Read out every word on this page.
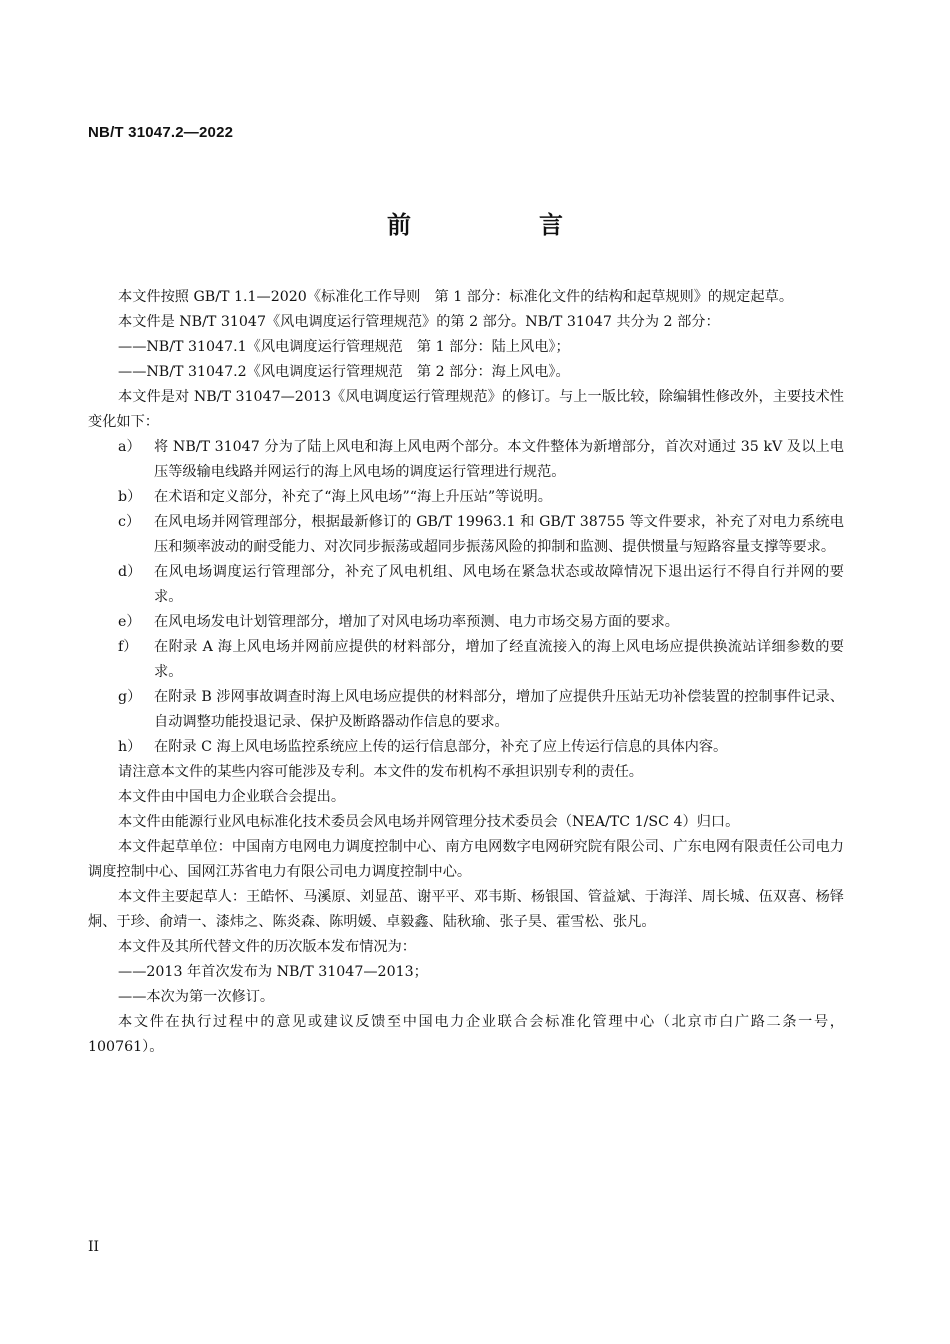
NB/T 31047.2—2022
前　言

本文件按照 GB/T 1.1—2020《标准化工作导则　第 1 部分：标准化文件的结构和起草规则》的规定起草。

本文件是 NB/T 31047《风电调度运行管理规范》的第 2 部分。NB/T 31047 共分为 2 部分：

——NB/T 31047.1《风电调度运行管理规范　第 1 部分：陆上风电》；

——NB/T 31047.2《风电调度运行管理规范　第 2 部分：海上风电》。

本文件是对 NB/T 31047—2013《风电调度运行管理规范》的修订。与上一版比较，除编辑性修改外，主要技术性变化如下：

a） 将 NB/T 31047 分为了陆上风电和海上风电两个部分。本文件整体为新增部分，首次对通过 35 kV 及以上电压等级输电线路并网运行的海上风电场的调度运行管理进行规范。
b） 在术语和定义部分，补充了“海上风电场”“海上升压站”等说明。
c） 在风电场并网管理部分，根据最新修订的 GB/T 19963.1 和 GB/T 38755 等文件要求，补充了对电力系统电压和频率波动的耐受能力、对次同步振荡或超同步振荡风险的抑制和监测、提供惯量与短路容量支撑等要求。
d） 在风电场调度运行管理部分，补充了风电机组、风电场在紧急状态或故障情况下退出运行不得自行并网的要求。
e） 在风电场发电计划管理部分，增加了对风电场功率预测、电力市场交易方面的要求。
f）	在附录 A 海上风电场并网前应提供的材料部分，增加了经直流接入的海上风电场应提供换流站详细参数的要求。
g） 在附录 B 涉网事故调查时海上风电场应提供的材料部分，增加了应提供升压站无功补偿装置的控制事件记录、自动调整功能投退记录、保护及断路器动作信息的要求。
h） 在附录 C 海上风电场监控系统应上传的运行信息部分，补充了应上传运行信息的具体内容。

请注意本文件的某些内容可能涉及专利。本文件的发布机构不承担识别专利的责任。

本文件由中国电力企业联合会提出。

本文件由能源行业风电标准化技术委员会风电场并网管理分技术委员会（NEA/TC 1/SC 4）归口。

本文件起草单位：中国南方电网电力调度控制中心、南方电网数字电网研究院有限公司、广东电网有限责任公司电力调度控制中心、国网江苏省电力有限公司电力调度控制中心。

本文件主要起草人：王皓怀、马溪原、刘显茁、谢平平、邓韦斯、杨银国、管益斌、于海洋、周长城、伍双喜、杨铎烔、于珍、俞靖一、漆炜之、陈炎森、陈明媛、卓毅鑫、陆秋瑜、张子昊、霍雪松、张凡。

本文件及其所代替文件的历次版本发布情况为：

——2013 年首次发布为 NB/T 31047—2013；

——本次为第一次修订。

本文件在执行过程中的意见或建议反馈至中国电力企业联合会标准化管理中心（北京市白广路二条一号，100761）。

II
